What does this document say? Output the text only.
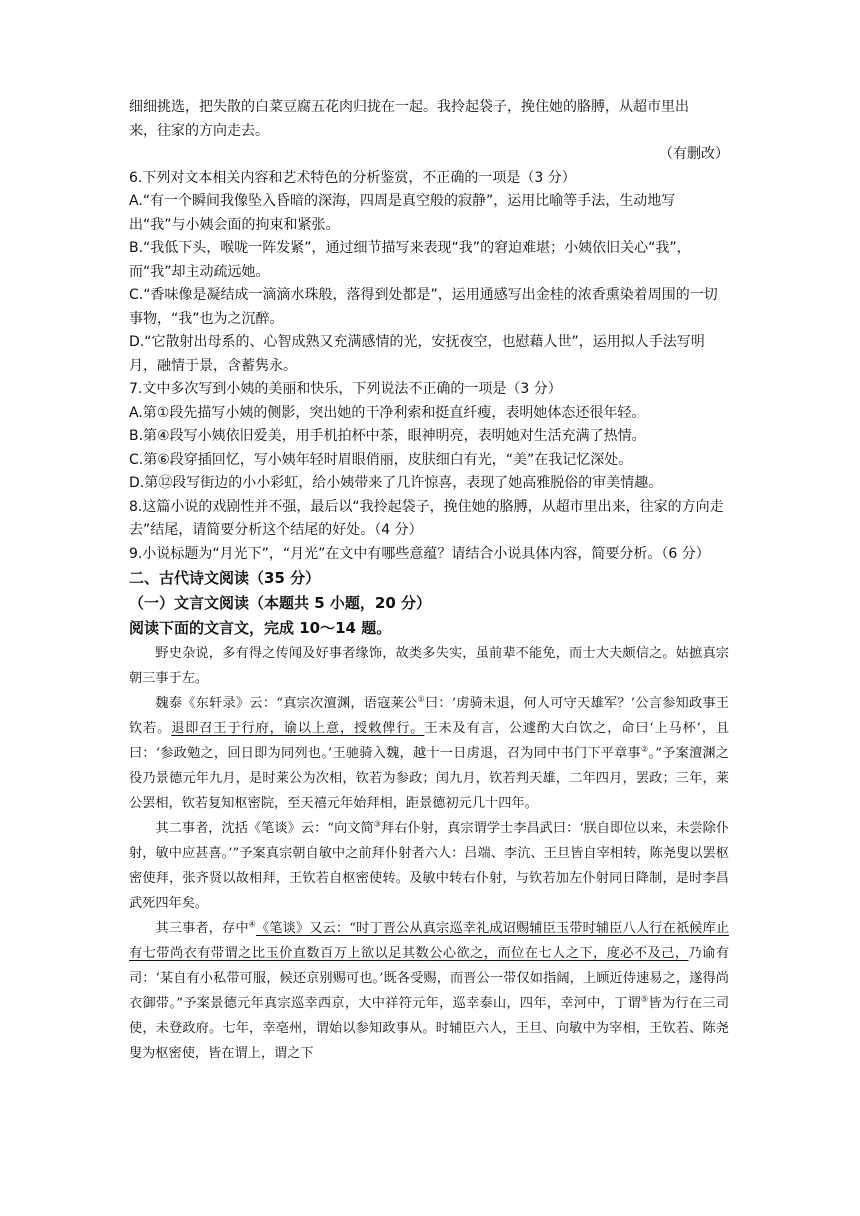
细细挑选，把失散的白菜豆腐五花肉归拢在一起。我拎起袋子，挽住她的胳膊，从超市里出

来，往家的方向走去。

（有删改）

6.下列对文本相关内容和艺术特色的分析鉴赏，不正确的一项是（3 分）

A.“有一个瞬间我像坠入昏暗的深海，四周是真空般的寂静”，运用比喻等手法，生动地写出“我”与小姨会面的拘束和紧张。

B.“我低下头，喉咙一阵发紧”，通过细节描写来表现“我”的窘迫难堪；小姨依旧关心“我”，而“我”却主动疏远她。

C.“香味像是凝结成一滴滴水珠般，落得到处都是”，运用通感写出金桂的浓香熏染着周围的一切事物，“我”也为之沉醉。

D.“它散射出母系的、心智成熟又充满感情的光，安抚夜空，也慰藉人世”，运用拟人手法写明月，融情于景，含蓄隽永。

7.文中多次写到小姨的美丽和快乐，下列说法不正确的一项是（3 分）

A.第①段先描写小姨的侧影，突出她的干净利索和挺直纤瘦，表明她体态还很年轻。

B.第④段写小姨依旧爱美，用手机拍杯中茶，眼神明亮，表明她对生活充满了热情。

C.第⑥段穿插回忆，写小姨年轻时眉眼俏丽，皮肤细白有光，“美”在我记忆深处。

D.第⑫段写街边的小小彩虹，给小姨带来了几许惊喜，表现了她高雅脱俗的审美情趣。

8.这篇小说的戏剧性并不强，最后以“我拎起袋子，挽住她的胳膊，从超市里出来，往家的方向走去”结尾，请简要分析这个结尾的好处。（4 分）

9.小说标题为“月光下”，“月光”在文中有哪些意蕴？请结合小说具体内容，简要分析。（6 分）

二、古代诗文阅读（35 分）

（一）文言文阅读（本题共 5 小题，20 分）

阅读下面的文言文，完成 10～14 题。

野史杂说，多有得之传闻及好事者缘饰，故类多失实，虽前辈不能免，而士大夫颇信之。姑摭真宗朝三事于左。

魏泰《东轩录》云：“真宗次澶渊，语寇莱公①曰：‘虏骑未退，何人可守天雄军？’公言参知政事王钦若。退即召王于行府，谕以上意，授敕俾行。王未及有言，公遽酌大白饮之，命曰‘上马杯’，且曰：‘参政勉之，回日即为同列也。’王驰骑入魏，越十一日虏退，召为同中书门下平章事②。”予案澶渊之役乃景德元年九月，是时莱公为次相，钦若为参政；闰九月，钦若判天雄，二年四月，罢政；三年，莱公罢相，钦若复知枢密院，至天禧元年始拜相，距景德初元几十四年。

其二事者，沈括《笔谈》云：“向文简③拜右仆射，真宗谓学士李昌武曰：‘朕自即位以来，未尝除仆射，敏中应甚喜。’”予案真宗朝自敏中之前拜仆射者六人：吕端、李沆、王旦皆自宰相转，陈尧叟以罢枢密使拜，张齐贤以故相拜，王钦若自枢密使转。及敏中转右仆射，与钦若加左仆射同日降制，是时李昌武死四年矣。

其三事者，存中④《笔谈》又云：“时丁晋公从真宗巡幸礼成诏赐辅臣玉带时辅臣八人行在祇候库止有七带尚衣有带谓之比玉价直数百万上欲以足其数公心欲之，而位在七人之下，度必不及己，乃谕有司：‘某自有小私带可服，候还京别赐可也。’既各受赐，而晋公一带仅如指阔，上顾近侍速易之，遂得尚衣御带。”予案景德元年真宗巡幸西京，大中祥符元年，巡幸泰山，四年，幸河中，丁谓⑤皆为行在三司使，未登政府。七年，幸亳州，谓始以参知政事从。时辅臣六人，王旦、向敏中为宰相，王钦若、陈尧叟为枢密使，皆在谓上，谓之下
